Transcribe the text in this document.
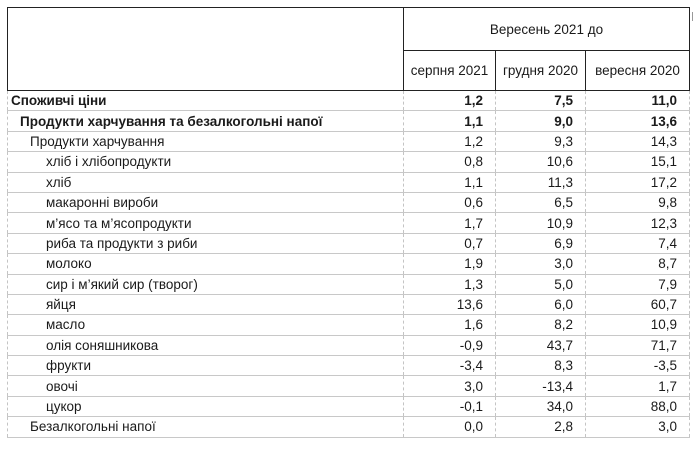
	Вересень 2021 до		
	серпня 2021	грудня 2020	вересня 2020
Споживчі ціни	1,2	7,5	11,0
Продукти харчування та безалкогольні напої	1,1	9,0	13,6
Продукти харчування	1,2	9,3	14,3
хліб і хлібопродукти	0,8	10,6	15,1
хліб	1,1	11,3	17,2
макаронні вироби	0,6	6,5	9,8
м’ясо та м’ясопродукти	1,7	10,9	12,3
риба та продукти з риби	0,7	6,9	7,4
молоко	1,9	3,0	8,7
сир і м’який сир (творог)	1,3	5,0	7,9
яйця	13,6	6,0	60,7
масло	1,6	8,2	10,9
олія соняшникова	-0,9	43,7	71,7
фрукти	-3,4	8,3	-3,5
овочі	3,0	-13,4	1,7
цукор	-0,1	34,0	88,0
Безалкогольні напої	0,0	2,8	3,0
